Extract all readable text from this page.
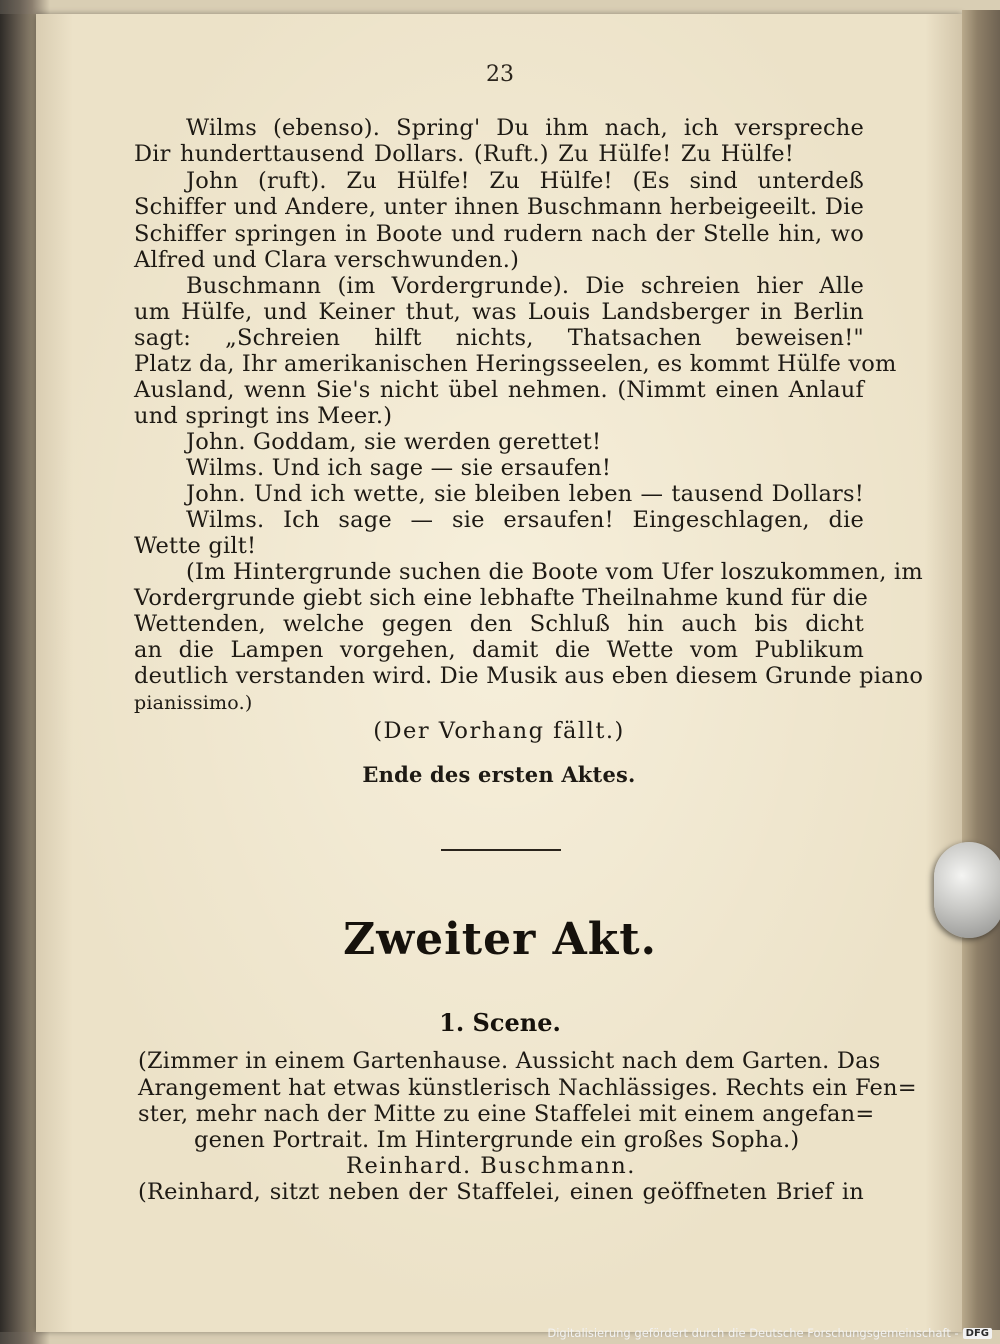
23
Wilms (ebenso). Spring' Du ihm nach, ich verspreche
Dir hunderttausend Dollars. (Ruft.) Zu Hülfe! Zu Hülfe!
John (ruft). Zu Hülfe! Zu Hülfe! (Es sind unterdeß
Schiffer und Andere, unter ihnen Buschmann herbeigeeilt. Die
Schiffer springen in Boote und rudern nach der Stelle hin, wo
Alfred und Clara verschwunden.)
Buschmann (im Vordergrunde). Die schreien hier Alle
um Hülfe, und Keiner thut, was Louis Landsberger in Berlin
sagt: „Schreien hilft nichts, Thatsachen beweisen!"
Platz da, Ihr amerikanischen Heringsseelen, es kommt Hülfe vom
Ausland, wenn Sie's nicht übel nehmen. (Nimmt einen Anlauf
und springt ins Meer.)
John. Goddam, sie werden gerettet!
Wilms. Und ich sage — sie ersaufen!
John. Und ich wette, sie bleiben leben — tausend Dollars!
Wilms. Ich sage — sie ersaufen! Eingeschlagen, die
Wette gilt!
(Im Hintergrunde suchen die Boote vom Ufer loszukommen, im
Vordergrunde giebt sich eine lebhafte Theilnahme kund für die
Wettenden, welche gegen den Schluß hin auch bis dicht
an die Lampen vorgehen, damit die Wette vom Publikum
deutlich verstanden wird. Die Musik aus eben diesem Grunde piano
pianissimo.)
(Der Vorhang fällt.)
Ende des ersten Aktes.
Zweiter Akt.
1. Scene.
(Zimmer in einem Gartenhause. Aussicht nach dem Garten. Das
Arangement hat etwas künstlerisch Nachlässiges. Rechts ein Fen=
ster, mehr nach der Mitte zu eine Staffelei mit einem angefan=
genen Portrait. Im Hintergrunde ein großes Sopha.)
Reinhard. Buschmann.
(Reinhard, sitzt neben der Staffelei, einen geöffneten Brief in
Digitalisierung gefördert durch die Deutsche Forschungsgemeinschaft - DFG
